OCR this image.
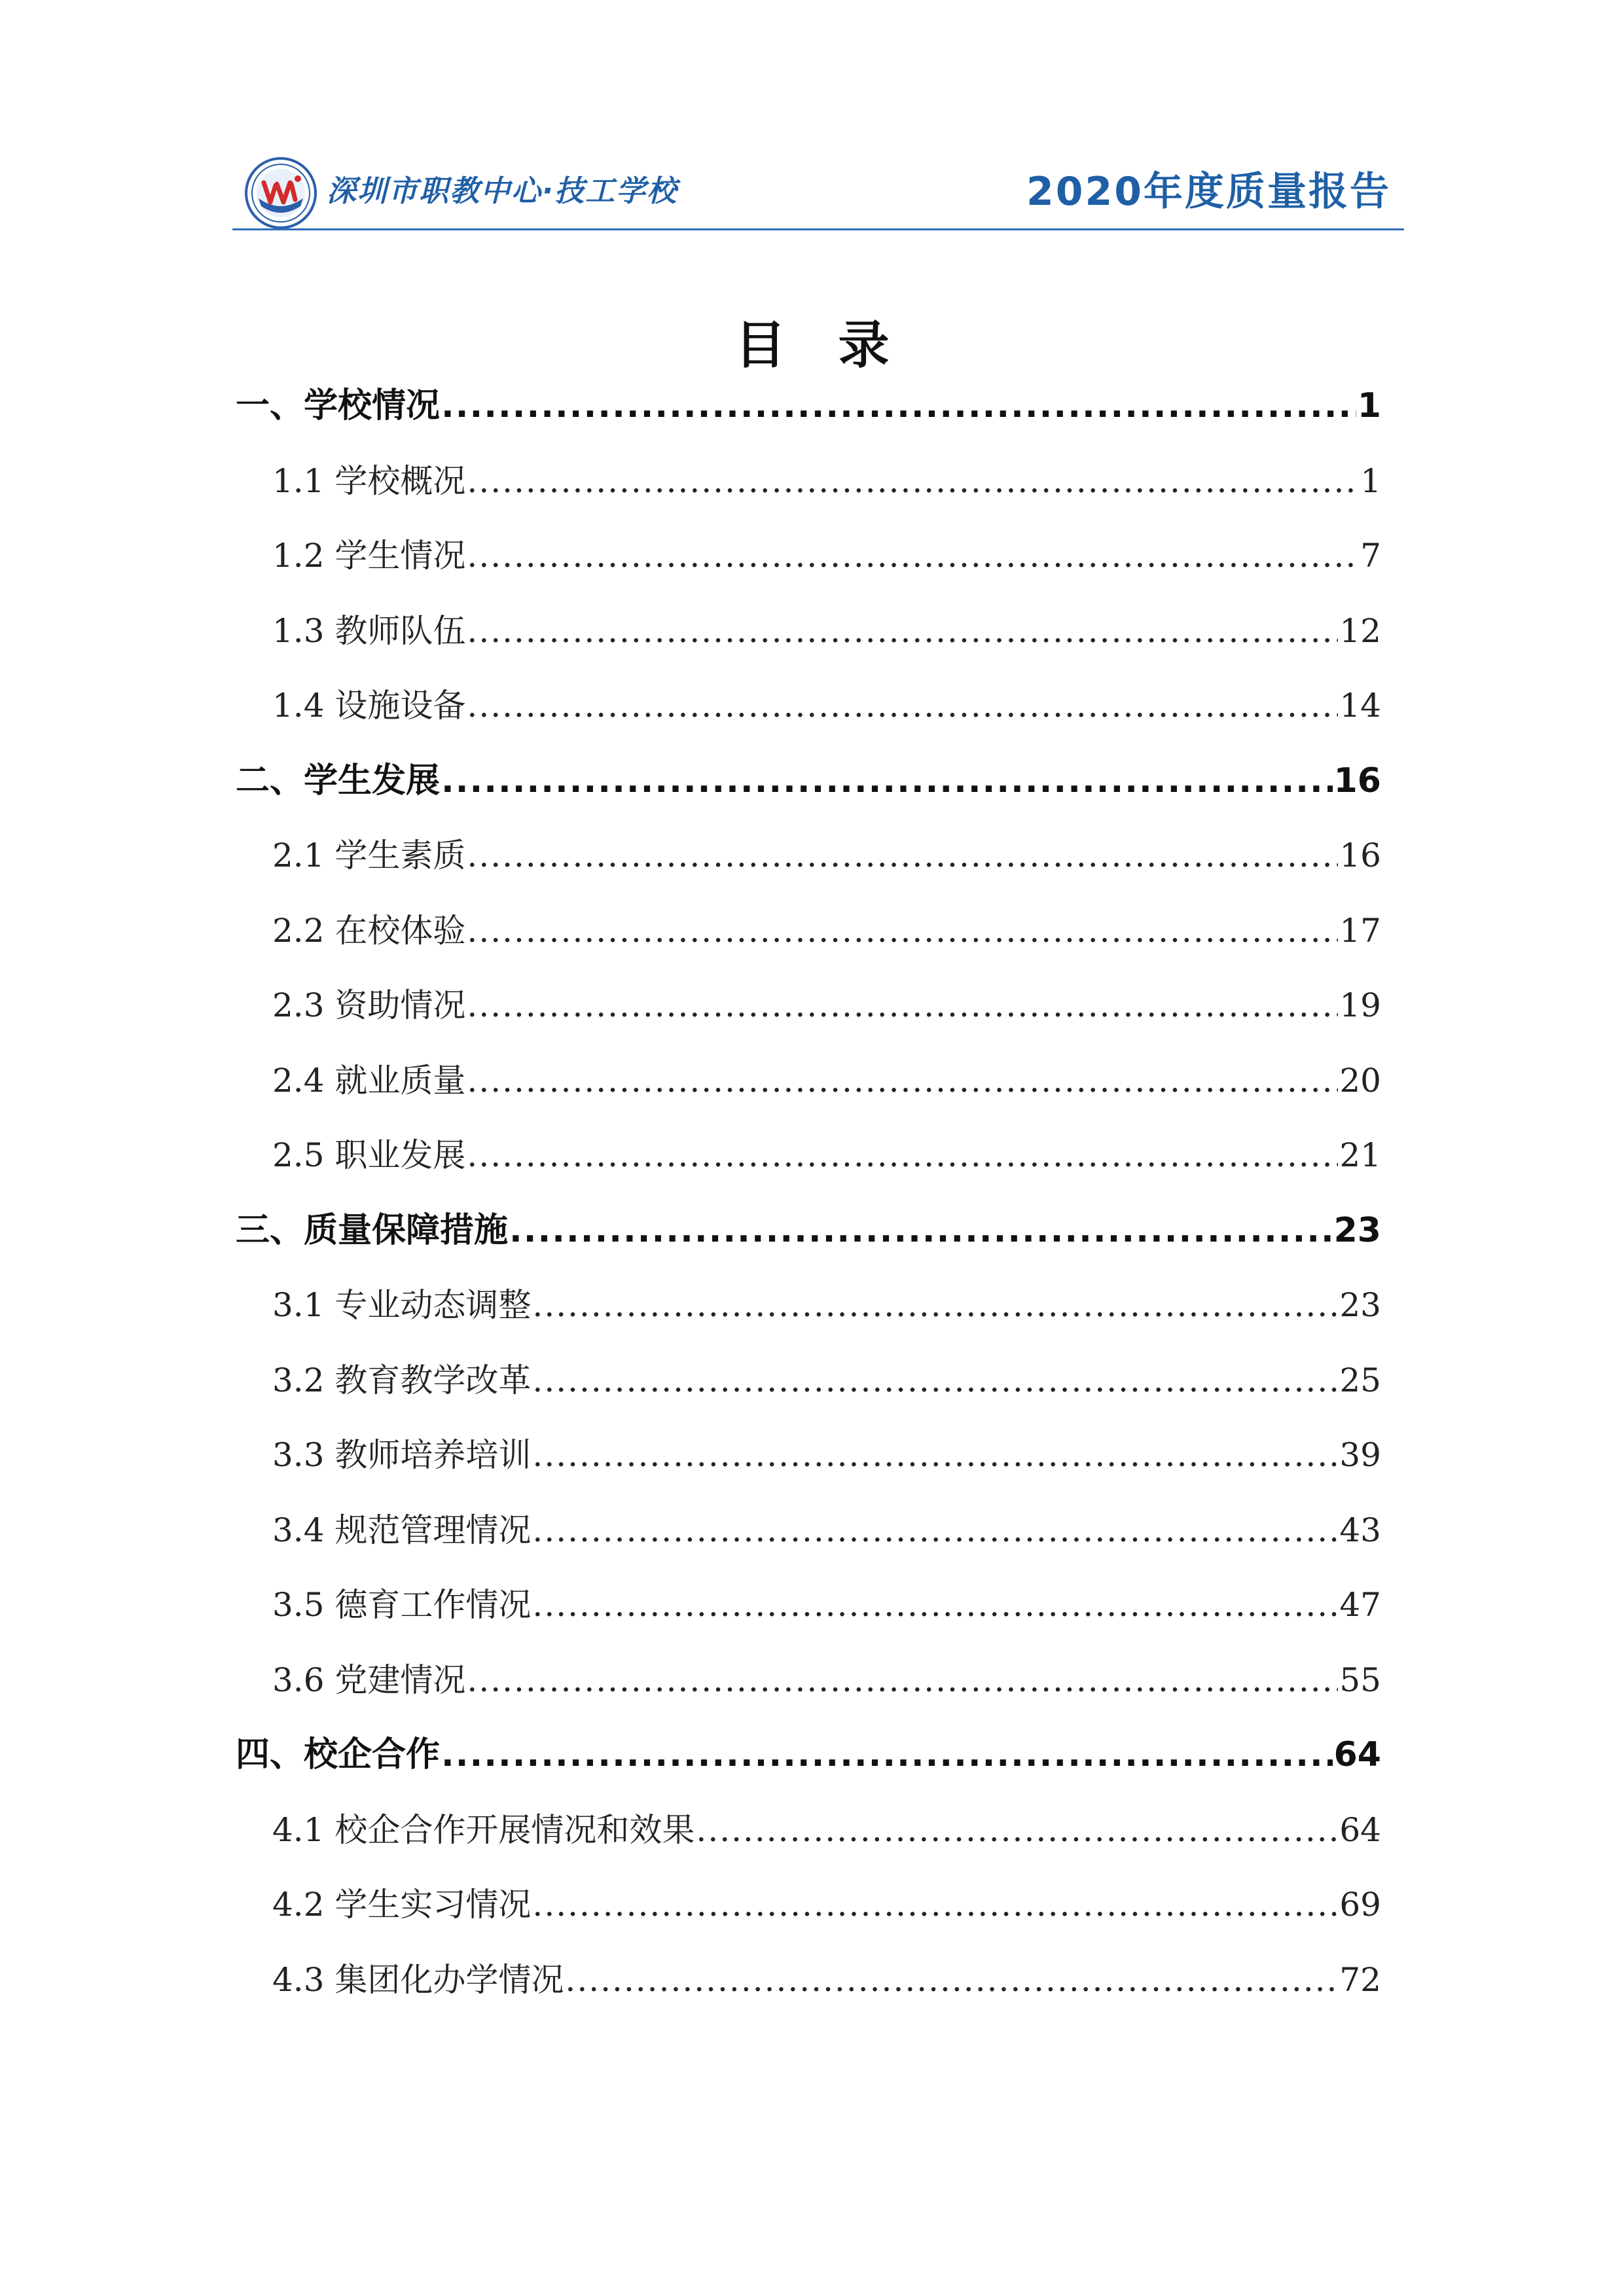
深圳市职教中心·技工学校	2020年度质量报告
目录
一、学校情况 .....	1
1.1 学校概况 .....	1
1.2 学生情况 .....	7
1.3 教师队伍 .....	12
1.4 设施设备 .....	14
二、学生发展 .....	16
2.1 学生素质 .....	16
2.2 在校体验 .....	17
2.3 资助情况 .....	19
2.4 就业质量 .....	20
2.5 职业发展 .....	21
三、质量保障措施 .....	23
3.1 专业动态调整 .....	23
3.2 教育教学改革 .....	25
3.3 教师培养培训 .....	39
3.4 规范管理情况 .....	43
3.5 德育工作情况 .....	47
3.6 党建情况 .....	55
四、校企合作 .....	64
4.1 校企合作开展情况和效果 .....	64
4.2 学生实习情况 .....	69
4.3 集团化办学情况 .....	72
